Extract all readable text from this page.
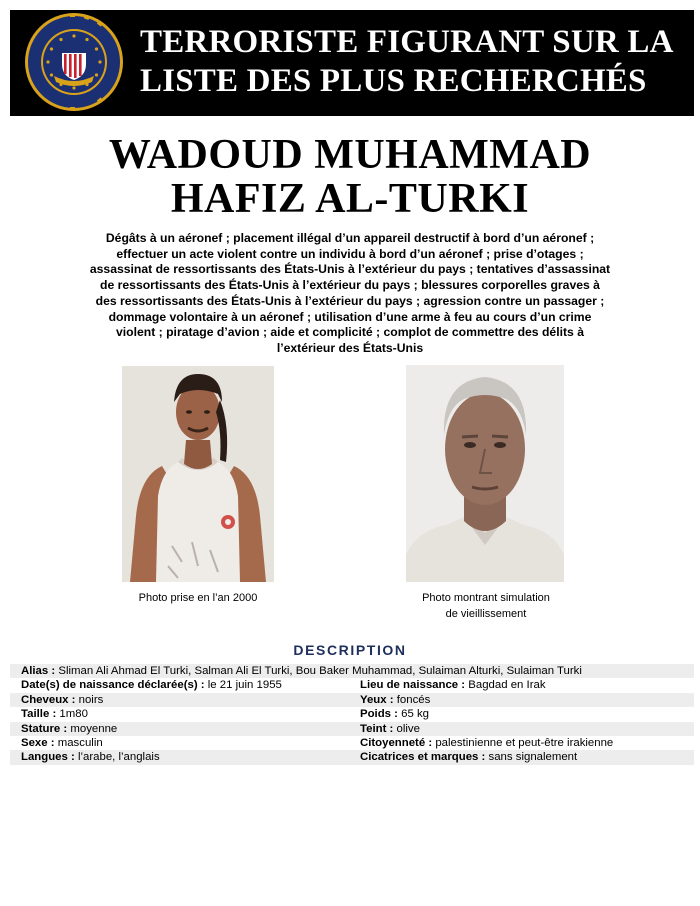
TERRORISTE FIGURANT SUR LA
LISTE DES PLUS RECHERCHÉS
WADOUD MUHAMMAD
HAFIZ AL-TURKI
Dégâts à un aéronef ; placement illégal d’un appareil destructif à bord d’un aéronef ;
effectuer un acte violent contre un individu à bord d’un aéronef ; prise d’otages ;
assassinat de ressortissants des États-Unis à l’extérieur du pays ; tentatives d’assassinat
de ressortissants des États-Unis à l’extérieur du pays ; blessures corporelles graves à
des ressortissants des États-Unis à l’extérieur du pays ; agression contre un passager ;
dommage volontaire à un aéronef ; utilisation d’une arme à feu au cours d’un crime
violent ; piratage d’avion ; aide et complicité ; complot de commettre des délits à
l’extérieur des États-Unis
Photo prise en l’an 2000	Photo montrant simulation
de vieillissement
DESCRIPTION
Alias : Sliman Ali Ahmad El Turki, Salman Ali El Turki, Bou Baker Muhammad, Sulaiman Alturki, Sulaiman Turki
Date(s) de naissance déclarée(s) : le 21 juin 1955	Lieu de naissance : Bagdad en Irak
Cheveux : noirs	Yeux : foncés
Taille : 1m80	Poids : 65 kg
Stature : moyenne	Teint : olive
Sexe : masculin	Citoyenneté : palestinienne et peut-être irakienne
Langues : l’arabe, l’anglais	Cicatrices et marques : sans signalement
